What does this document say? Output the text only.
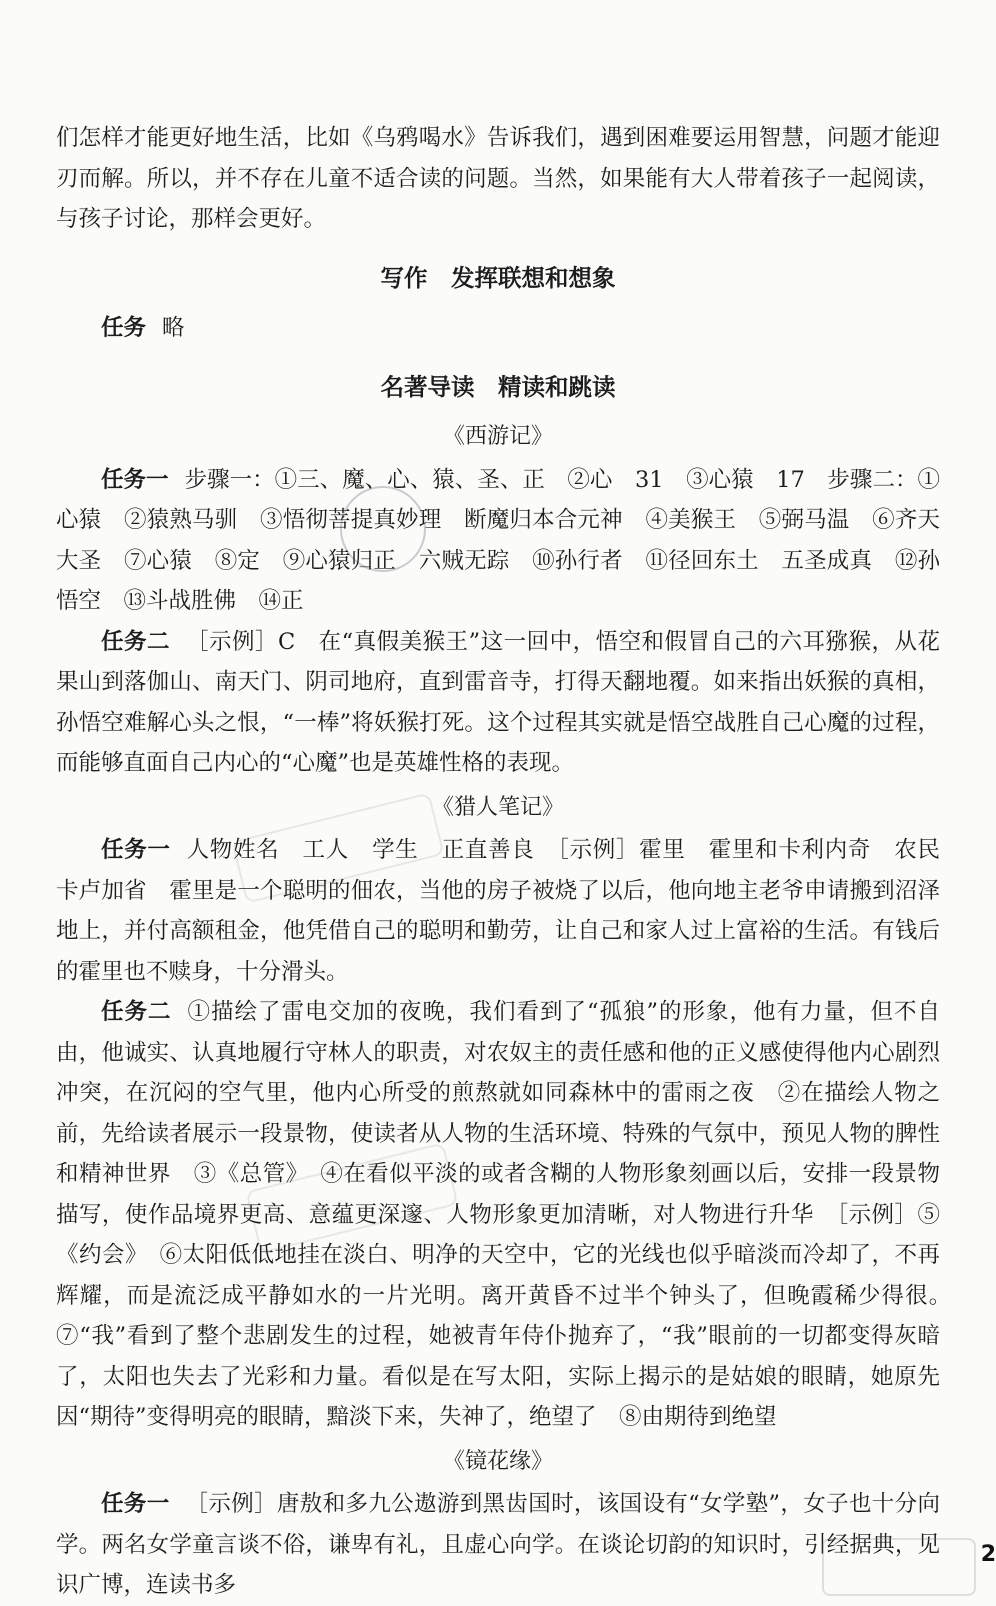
们怎样才能更好地生活，比如《乌鸦喝水》告诉我们，遇到困难要运用智慧，问题才能迎刃而解。所以，并不存在儿童不适合读的问题。当然，如果能有大人带着孩子一起阅读，与孩子讨论，那样会更好。

写作　发挥联想和想象

任务 略

名著导读　精读和跳读
《西游记》

任务一 步骤一：①三、魔、心、猿、圣、正　②心　31　③心猿　17　步骤二：①心猿　②猿熟马驯　③悟彻菩提真妙理　断魔归本合元神　④美猴王　⑤弼马温　⑥齐天大圣　⑦心猿　⑧定　⑨心猿归正　六贼无踪　⑩孙行者　⑪径回东土　五圣成真　⑫孙悟空　⑬斗战胜佛　⑭正

任务二 ［示例］C　在“真假美猴王”这一回中，悟空和假冒自己的六耳猕猴，从花果山到落伽山、南天门、阴司地府，直到雷音寺，打得天翻地覆。如来指出妖猴的真相，孙悟空难解心头之恨，“一棒”将妖猴打死。这个过程其实就是悟空战胜自己心魔的过程，而能够直面自己内心的“心魔”也是英雄性格的表现。

《猎人笔记》

任务一 人物姓名　工人　学生　正直善良　［示例］霍里　霍里和卡利内奇　农民　卡卢加省　霍里是一个聪明的佃农，当他的房子被烧了以后，他向地主老爷申请搬到沼泽地上，并付高额租金，他凭借自己的聪明和勤劳，让自己和家人过上富裕的生活。有钱后的霍里也不赎身，十分滑头。

任务二 ①描绘了雷电交加的夜晚，我们看到了“孤狼”的形象，他有力量，但不自由，他诚实、认真地履行守林人的职责，对农奴主的责任感和他的正义感使得他内心剧烈冲突，在沉闷的空气里，他内心所受的煎熬就如同森林中的雷雨之夜　②在描绘人物之前，先给读者展示一段景物，使读者从人物的生活环境、特殊的气氛中，预见人物的脾性和精神世界　③《总管》　④在看似平淡的或者含糊的人物形象刻画以后，安排一段景物描写，使作品境界更高、意蕴更深邃、人物形象更加清晰，对人物进行升华　［示例］⑤《约会》　⑥太阳低低地挂在淡白、明净的天空中，它的光线也似乎暗淡而冷却了，不再辉耀，而是流泛成平静如水的一片光明。离开黄昏不过半个钟头了，但晚霞稀少得很。　⑦“我”看到了整个悲剧发生的过程，她被青年侍仆抛弃了，“我”眼前的一切都变得灰暗了，太阳也失去了光彩和力量。看似是在写太阳，实际上揭示的是姑娘的眼睛，她原先因“期待”变得明亮的眼睛，黯淡下来，失神了，绝望了　⑧由期待到绝望

《镜花缘》

任务一 ［示例］唐敖和多九公遨游到黑齿国时，该国设有“女学塾”，女子也十分向学。两名女学童言谈不俗，谦卑有礼，且虚心向学。在谈论切韵的知识时，引经据典，见识广博，连读书多

2
